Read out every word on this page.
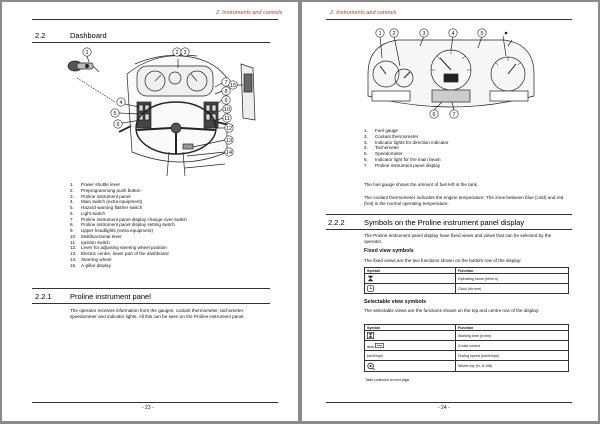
2. Instruments and controls
2.2	Dashboard
1	2 3
4
5
6
7
8
9
10
11
12
13
14
15
1.	Power shuttle lever
2.	Preprogramming push button
3.	Proline instrument panel
4.	Main switch (extra equipment)
5.	Hazard warning flasher switch
6.	Light switch
7.	Proline instrument panel display change-over switch
8.	Proline instrument panel display setting switch
9.	Upper headlights (extra equipment)
10.	Multifunctional lever
11.	Ignition switch
12.	Lever for adjusting steering wheel position
13.	Electric centre, lower part of the dashboard
14.	Steering wheel
15.	A-pillar display
2.2.1 Proline instrument panel

The operator receives information from the gauges, coolant thermometer, tachometer, speedometer and indicator lights. All this can be seen on the Proline instrument panel.

- 23 -
2. Instruments and controls
1 2	3	4	5
6	7
1.	Fuel gauge
2.	Coolant thermometer
3.	Indicator lights for direction indicator
4.	Tachometer
5.	Speedometer
6.	Indicator light for the main beam
7.	Proline instrument panel display

The fuel gauge shows the amount of fuel left in the tank.

The coolant thermometer indicates the engine temperature. The zone between blue (cold) and red (hot) is the normal operating temperature.

2.2.2	Symbols on the Proline instrument panel display

The Proline instrument panel display have fixed views and views that can be selected by the operator.

Fixed view symbols

The fixed views are the two functions shown on the bottom row of the display:

Symbol	Function
	Operating hours (hhhh.h)
	Clock (hh:mm)
Selectable view symbols

The selectable views are the functions shown on the top and centre row of the display:

Symbol	Function
	Working time (h:min)
auto	Cruise control
km/h/mph	Driving speed (km/h/mph)
	Wheel slip (%, 8-108)
Table continued on next page
- 24 -
